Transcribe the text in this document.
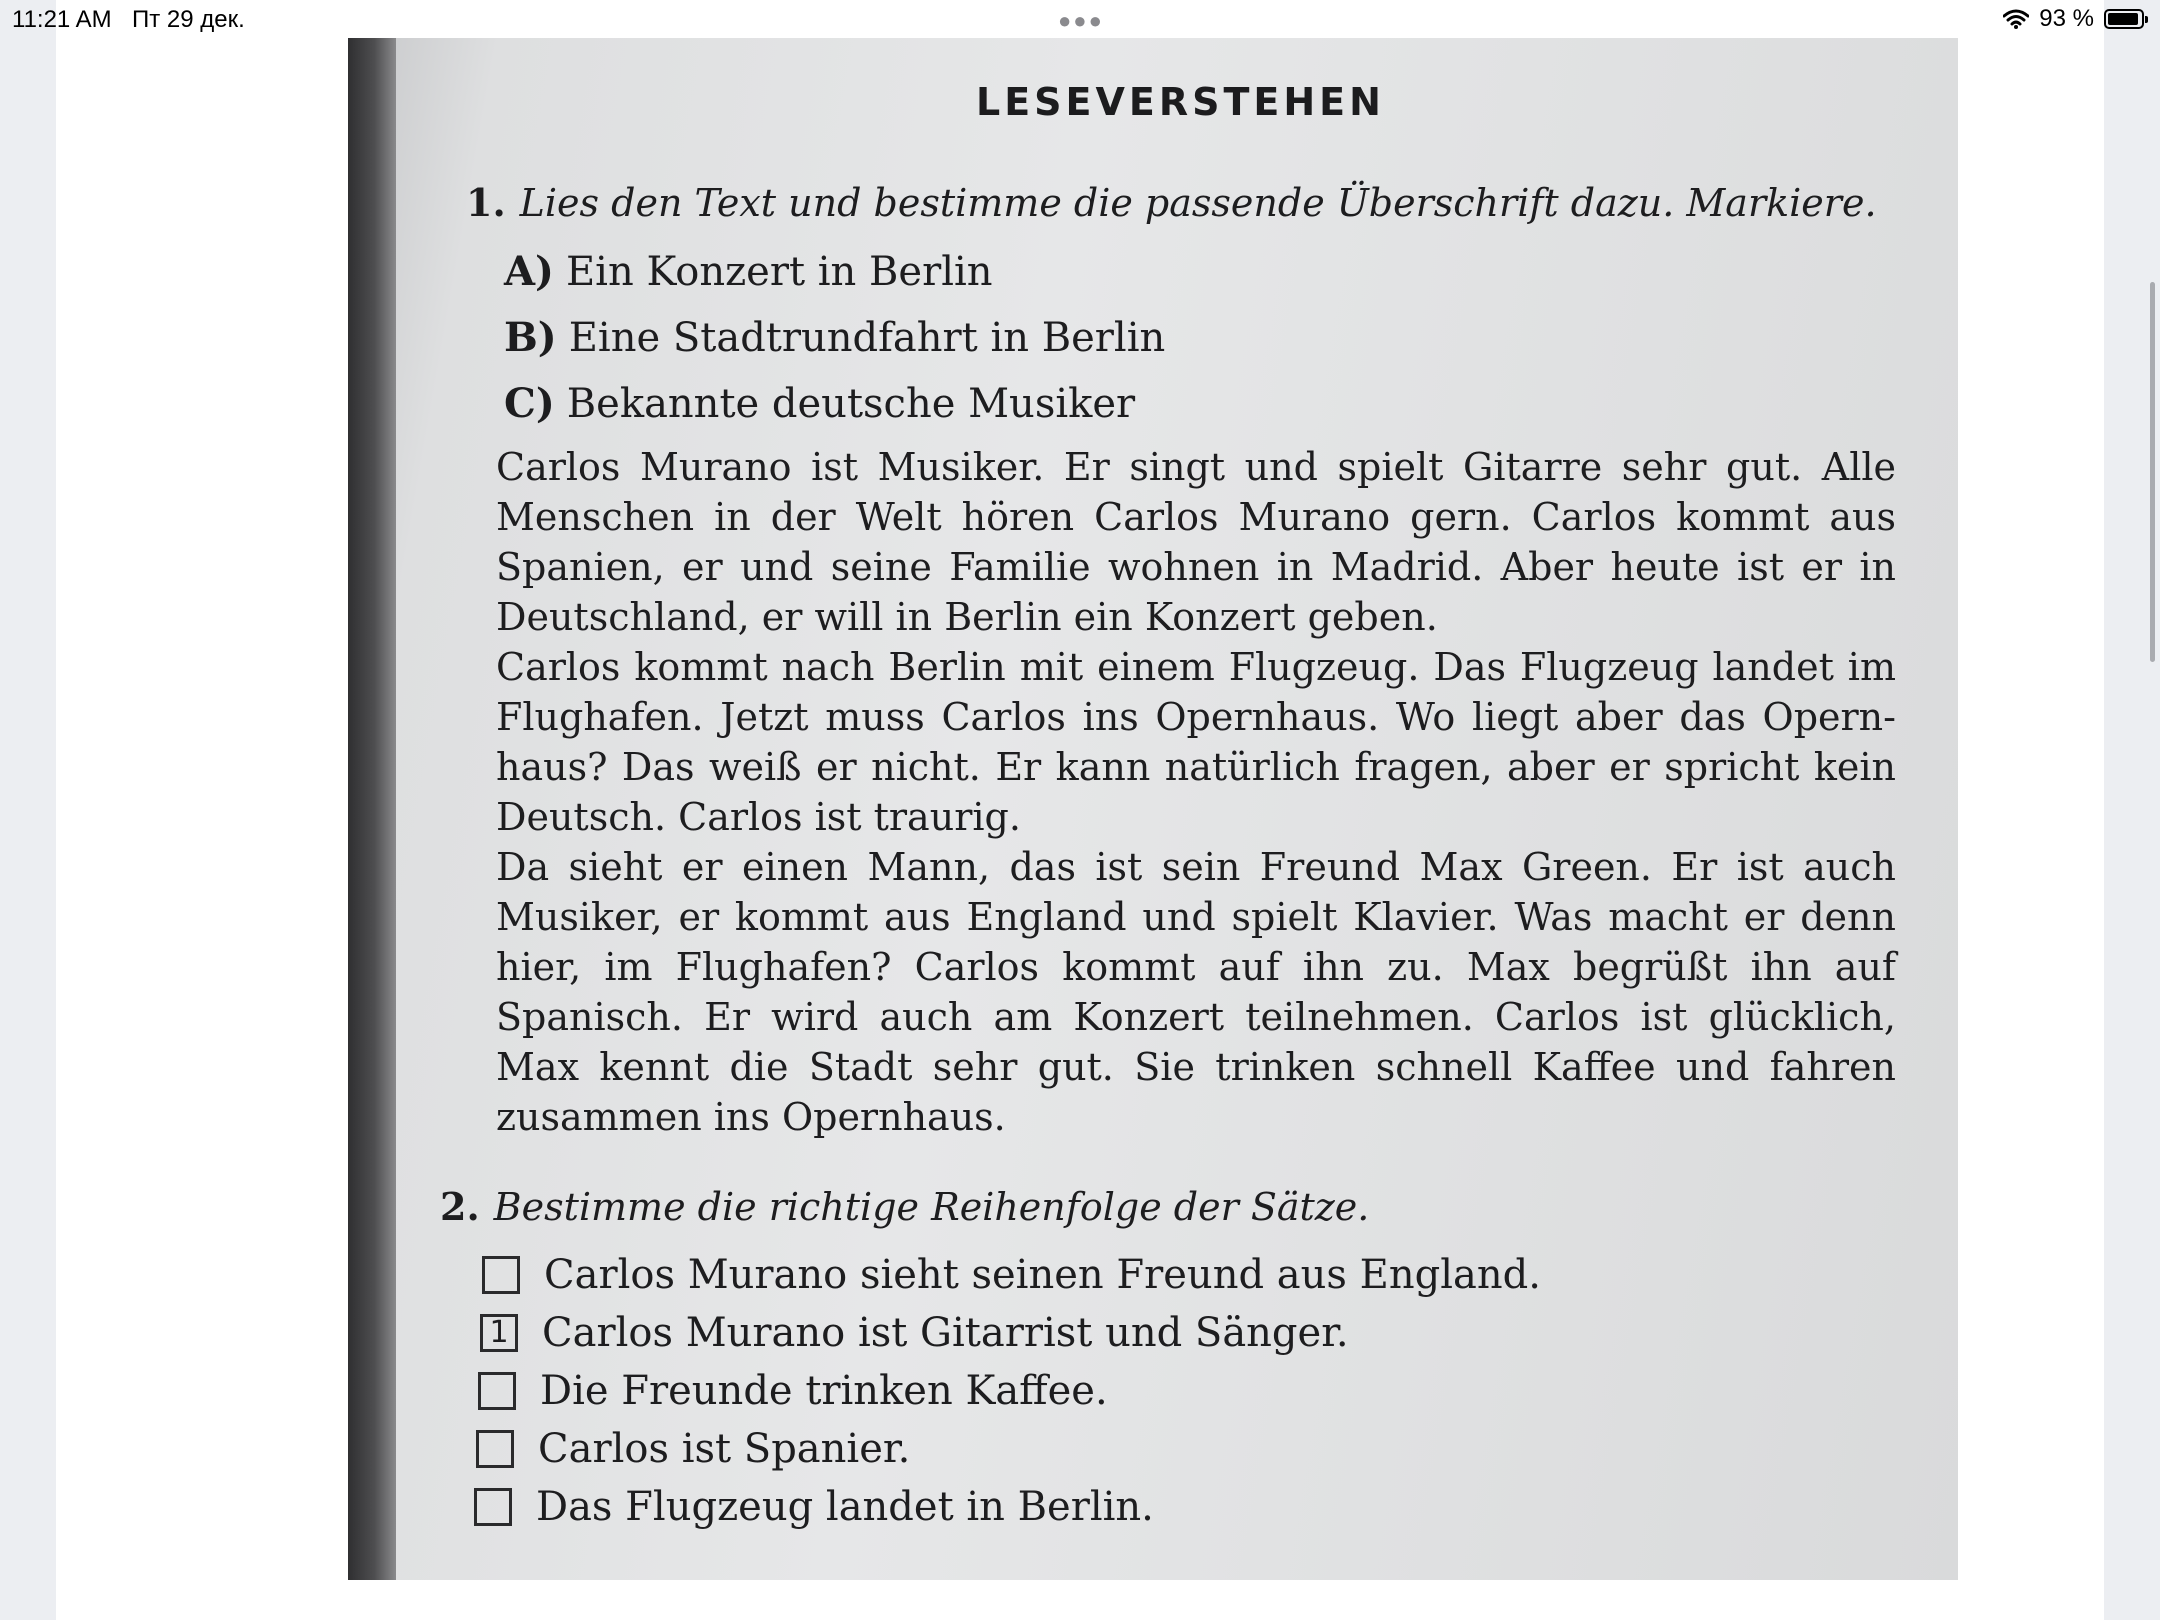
11:21 AM Пт 29 дек.	●●●	93 %
LESEVERSTEHEN
1. Lies den Text und bestimme die passende Überschrift dazu. Markiere.
A) Ein Konzert in Berlin
B) Eine Stadtrundfahrt in Berlin
C) Bekannte deutsche Musiker

Carlos Murano ist Musiker. Er singt und spielt Gitarre sehr gut. Alle Menschen in der Welt hören Carlos Murano gern. Carlos kommt aus Spanien, er und seine Familie wohnen in Madrid. Aber heute ist er in Deutschland, er will in Berlin ein Konzert geben.

Carlos kommt nach Berlin mit einem Flugzeug. Das Flugzeug landet im Flughafen. Jetzt muss Carlos ins Opernhaus. Wo liegt aber das Opernhaus? Das weiß er nicht. Er kann natürlich fragen, aber er spricht kein Deutsch. Carlos ist traurig.

Da sieht er einen Mann, das ist sein Freund Max Green. Er ist auch Musiker, er kommt aus England und spielt Klavier. Was macht er denn hier, im Flughafen? Carlos kommt auf ihn zu. Max begrüßt ihn auf Spanisch. Er wird auch am Konzert teilnehmen. Carlos ist glücklich, Max kennt die Stadt sehr gut. Sie trinken schnell Kaffee und fahren zusammen ins Opernhaus.

2. Bestimme die richtige Reihenfolge der Sätze.
Carlos Murano sieht seinen Freund aus England.
1 Carlos Murano ist Gitarrist und Sänger.
Die Freunde trinken Kaffee.
Carlos ist Spanier.
Das Flugzeug landet in Berlin.
